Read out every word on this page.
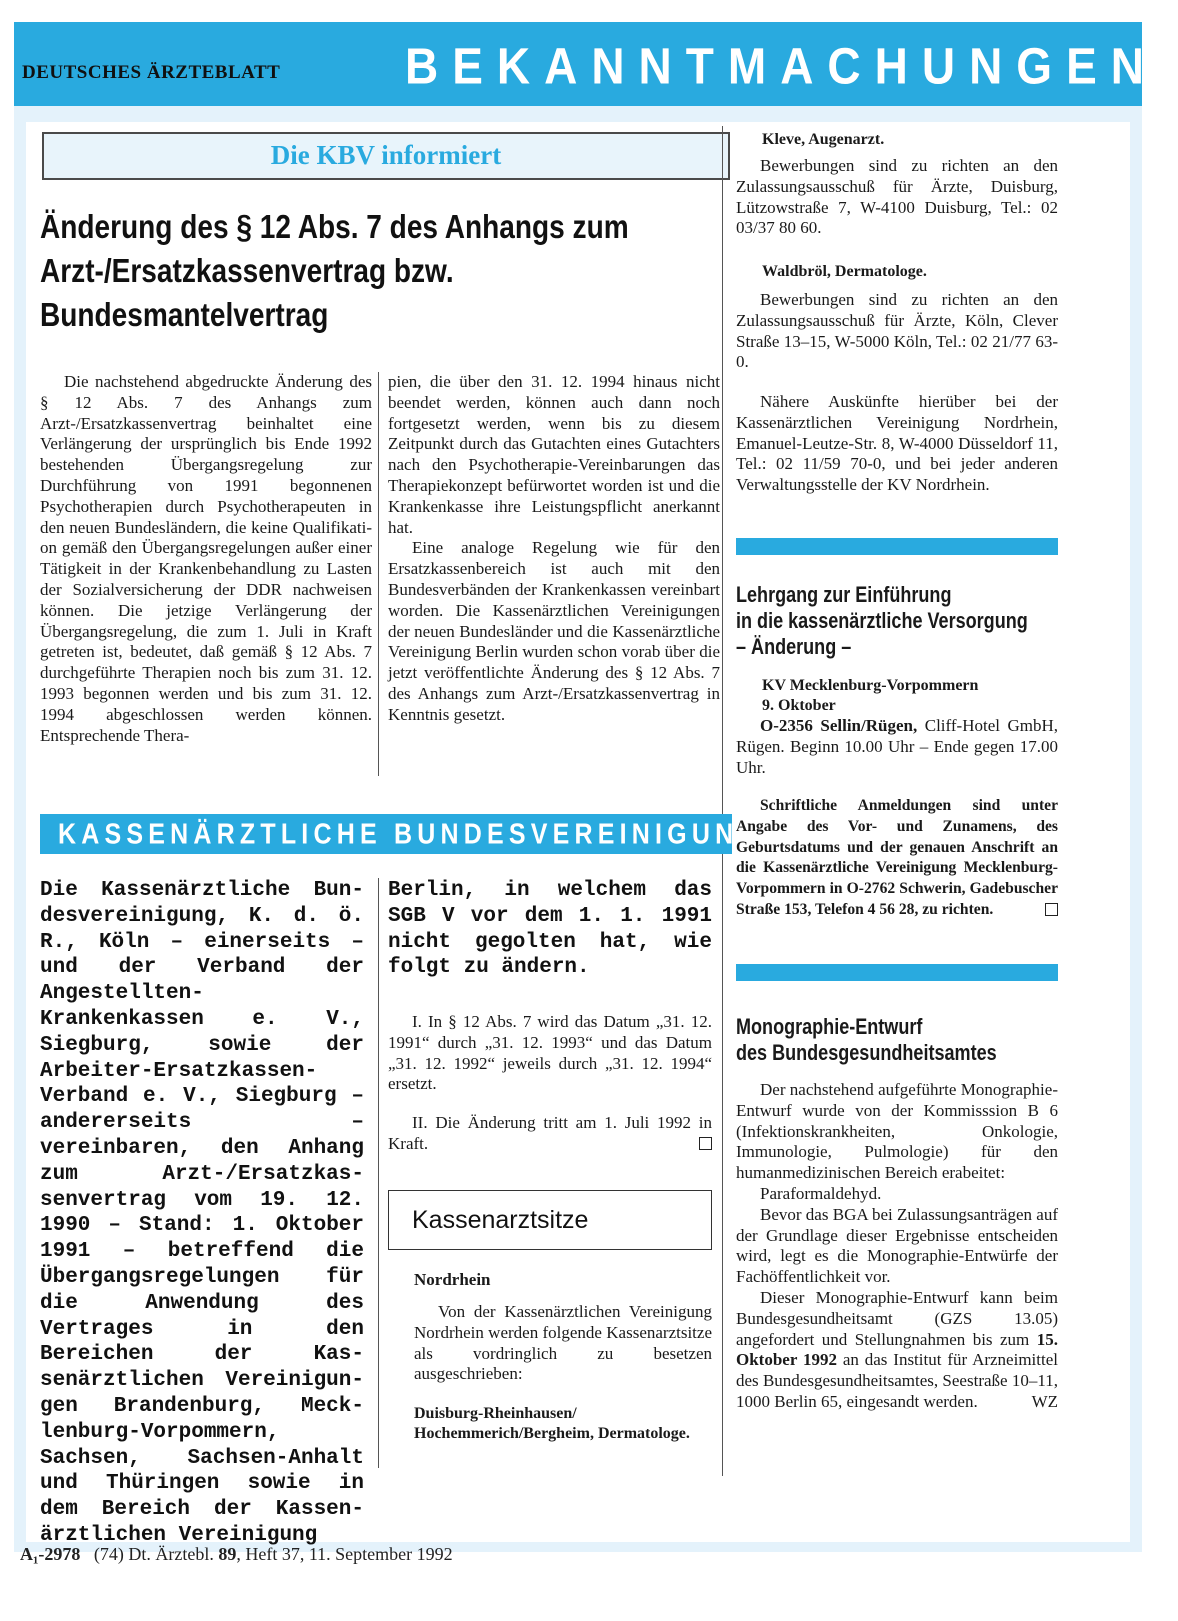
DEUTSCHES ÄRZTEBLATT	BEKANNTMACHUNGEN
Die KBV informiert
Änderung des § 12 Abs. 7 des Anhangs zum Arzt-/Ersatzkassenvertrag bzw. Bundesmantelvertrag

Die nachstehend abgedruckte Änderung des § 12 Abs. 7 des Anhangs zum Arzt-/Ersatzkassenvertrag beinhaltet eine Verlängerung der ursprünglich bis Ende 1992 bestehenden Übergangsregelung zur Durchführung von 1991 begonnenen Psychotherapien durch Psychotherapeuten in den neuen Bundesländern, die keine Qualifikation gemäß den Übergangsregelungen außer einer Tätigkeit in der Krankenbehandlung zu Lasten der Sozialversicherung der DDR nachweisen können. Die jetzige Verlängerung der Übergangsregelung, die zum 1. Juli in Kraft getreten ist, bedeutet, daß gemäß § 12 Abs. 7 durchgeführte Therapien noch bis zum 31. 12. 1993 begonnen werden und bis zum 31. 12. 1994 abgeschlossen werden können. Entsprechende Thera-

pien, die über den 31. 12. 1994 hinaus nicht beendet werden, können auch dann noch fortgesetzt werden, wenn bis zu diesem Zeitpunkt durch das Gutachten eines Gutachters nach den Psychotherapie-Vereinbarungen das Therapiekonzept befürwortet worden ist und die Krankenkasse ihre Leistungspflicht anerkannt hat.

Eine analoge Regelung wie für den Ersatzkassenbereich ist auch mit den Bundesverbänden der Krankenkassen vereinbart worden. Die Kassenärztlichen Vereinigungen der neuen Bundesländer und die Kassenärztliche Vereinigung Berlin wurden schon vorab über die jetzt veröffentlichte Änderung des § 12 Abs. 7 des Anhangs zum Arzt-/Ersatzkassenvertrag in Kenntnis gesetzt.

KASSENÄRZTLICHE BUNDESVEREINIGUNG
Die Kassenärztliche Bundesvereinigung, K. d. ö. R., Köln – einerseits – und der Verband der Angestellten-Krankenkassen e. V., Siegburg, sowie der Arbeiter-Ersatzkassen-Verband e. V., Siegburg – andererseits – vereinbaren, den Anhang zum Arzt-/Ersatzkassenvertrag vom 19. 12. 1990 – Stand: 1. Oktober 1991 – betreffend die Übergangsregelungen für die Anwendung des Vertrages in den Bereichen der Kassenärztlichen Vereinigungen Brandenburg, Mecklenburg-Vorpommern, Sachsen, Sachsen-Anhalt und Thüringen sowie in dem Bereich der Kassenärztlichen Vereinigung
Berlin, in welchem das SGB V vor dem 1. 1. 1991 nicht gegolten hat, wie folgt zu ändern.

I. In § 12 Abs. 7 wird das Datum „31. 12. 1991“ durch „31. 12. 1993“ und das Datum „31. 12. 1992“ jeweils durch „31. 12. 1994“ ersetzt.

II. Die Änderung tritt am 1. Juli 1992 in Kraft.

Kassenarztsitze
Nordrhein

Von der Kassenärztlichen Vereinigung Nordrhein werden folgende Kassenarztsitze als vordringlich zu besetzen ausgeschrieben:

Duisburg-Rheinhausen/ Hochemmerich/Bergheim, Dermatologe.
Kleve, Augenarzt.

Bewerbungen sind zu richten an den Zulassungsausschuß für Ärzte, Duisburg, Lützowstraße 7, W-4100 Duisburg, Tel.: 02 03/37 80 60.

Waldbröl, Dermatologe.

Bewerbungen sind zu richten an den Zulassungsausschuß für Ärzte, Köln, Clever Straße 13–15, W-5000 Köln, Tel.: 02 21/77 63-0.

Nähere Auskünfte hierüber bei der Kassenärztlichen Vereinigung Nordrhein, Emanuel-Leutze-Str. 8, W-4000 Düsseldorf 11, Tel.: 02 11/59 70-0, und bei jeder anderen Verwaltungsstelle der KV Nordrhein.

Lehrgang zur Einführung
in die kassenärztliche Versorgung
– Änderung –
KV Mecklenburg-Vorpommern
9. Oktober

O-2356 Sellin/Rügen, Cliff-Hotel GmbH, Rügen. Beginn 10.00 Uhr – Ende gegen 17.00 Uhr.

Schriftliche Anmeldungen sind unter Angabe des Vor- und Zunamens, des Geburtsdatums und der genauen Anschrift an die Kassenärztliche Vereinigung Mecklenburg-Vorpommern in O-2762 Schwerin, Gadebuscher Straße 153, Telefon 4 56 28, zu richten.

Monographie-Entwurf
des Bundesgesundheitsamtes

Der nachstehend aufgeführte Monographie-Entwurf wurde von der Kommisssion B 6 (Infektionskrankheiten, Onkologie, Immunologie, Pulmologie) für den humanmedizinischen Bereich erabeitet:

Paraformaldehyd.

Bevor das BGA bei Zulassungsanträgen auf der Grundlage dieser Ergebnisse entscheiden wird, legt es die Monographie-Entwürfe der Fachöffentlichkeit vor.

Dieser Monographie-Entwurf kann beim Bundesgesundheitsamt (GZS 13.05) angefordert und Stellungnahmen bis zum 15. Oktober 1992 an das Institut für Arzneimittel des Bundesgesundheitsamtes, Seestraße 10–11, 1000 Berlin 65, eingesandt werden.	WZ

A₁-2978 (74) Dt. Ärztebl. 89, Heft 37, 11. September 1992
